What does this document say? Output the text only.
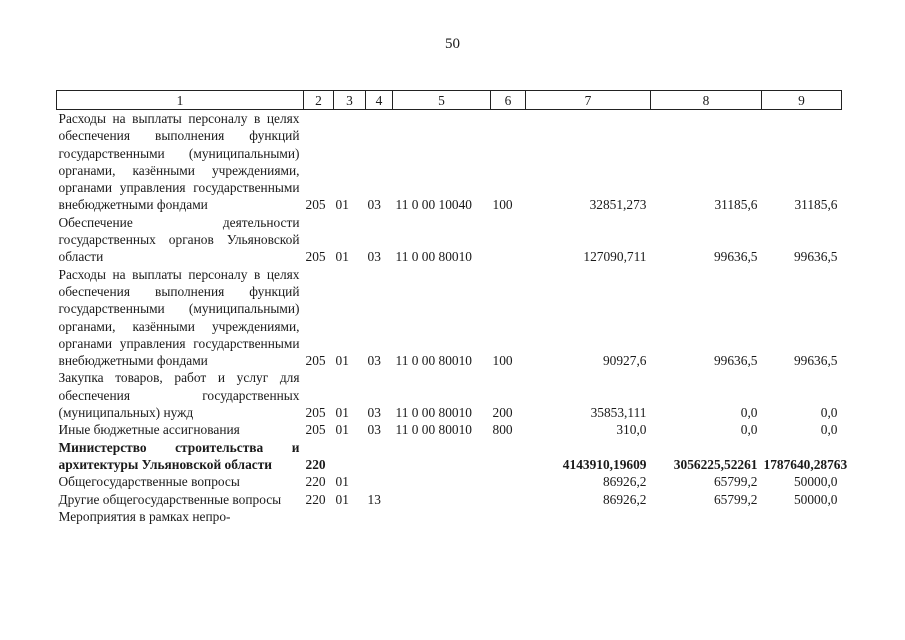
50
1	2	3	4	5	6	7	8	9
Расходы на выплаты персоналу в целях обеспечения выполнения функций государственными (муниципальными) органами, казёнными учреждениями, органами управления государственными внебюджетными фондами	205	01	03	11 0 00 10040	100	32851,273	31185,6	31185,6
Обеспечение деятельности государственных органов Ульяновской области	205	01	03	11 0 00 80010		127090,711	99636,5	99636,5
Расходы на выплаты персоналу в целях обеспечения выполнения функций государственными (муниципальными) органами, казёнными учреждениями, органами управления государственными внебюджетными фондами	205	01	03	11 0 00 80010	100	90927,6	99636,5	99636,5
Закупка товаров, работ и услуг для обеспечения государственных (муниципальных) нужд	205	01	03	11 0 00 80010	200	35853,111	0,0	0,0
Иные бюджетные ассигнования	205	01	03	11 0 00 80010	800	310,0	0,0	0,0
Министерство строительства и архитектуры Ульяновской области	220					4143910,19609	3056225,52261	1787640,28763
Общегосударственные вопросы	220	01				86926,2	65799,2	50000,0
Другие общегосударственные вопросы	220	01	13			86926,2	65799,2	50000,0
Мероприятия в рамках непро-								
